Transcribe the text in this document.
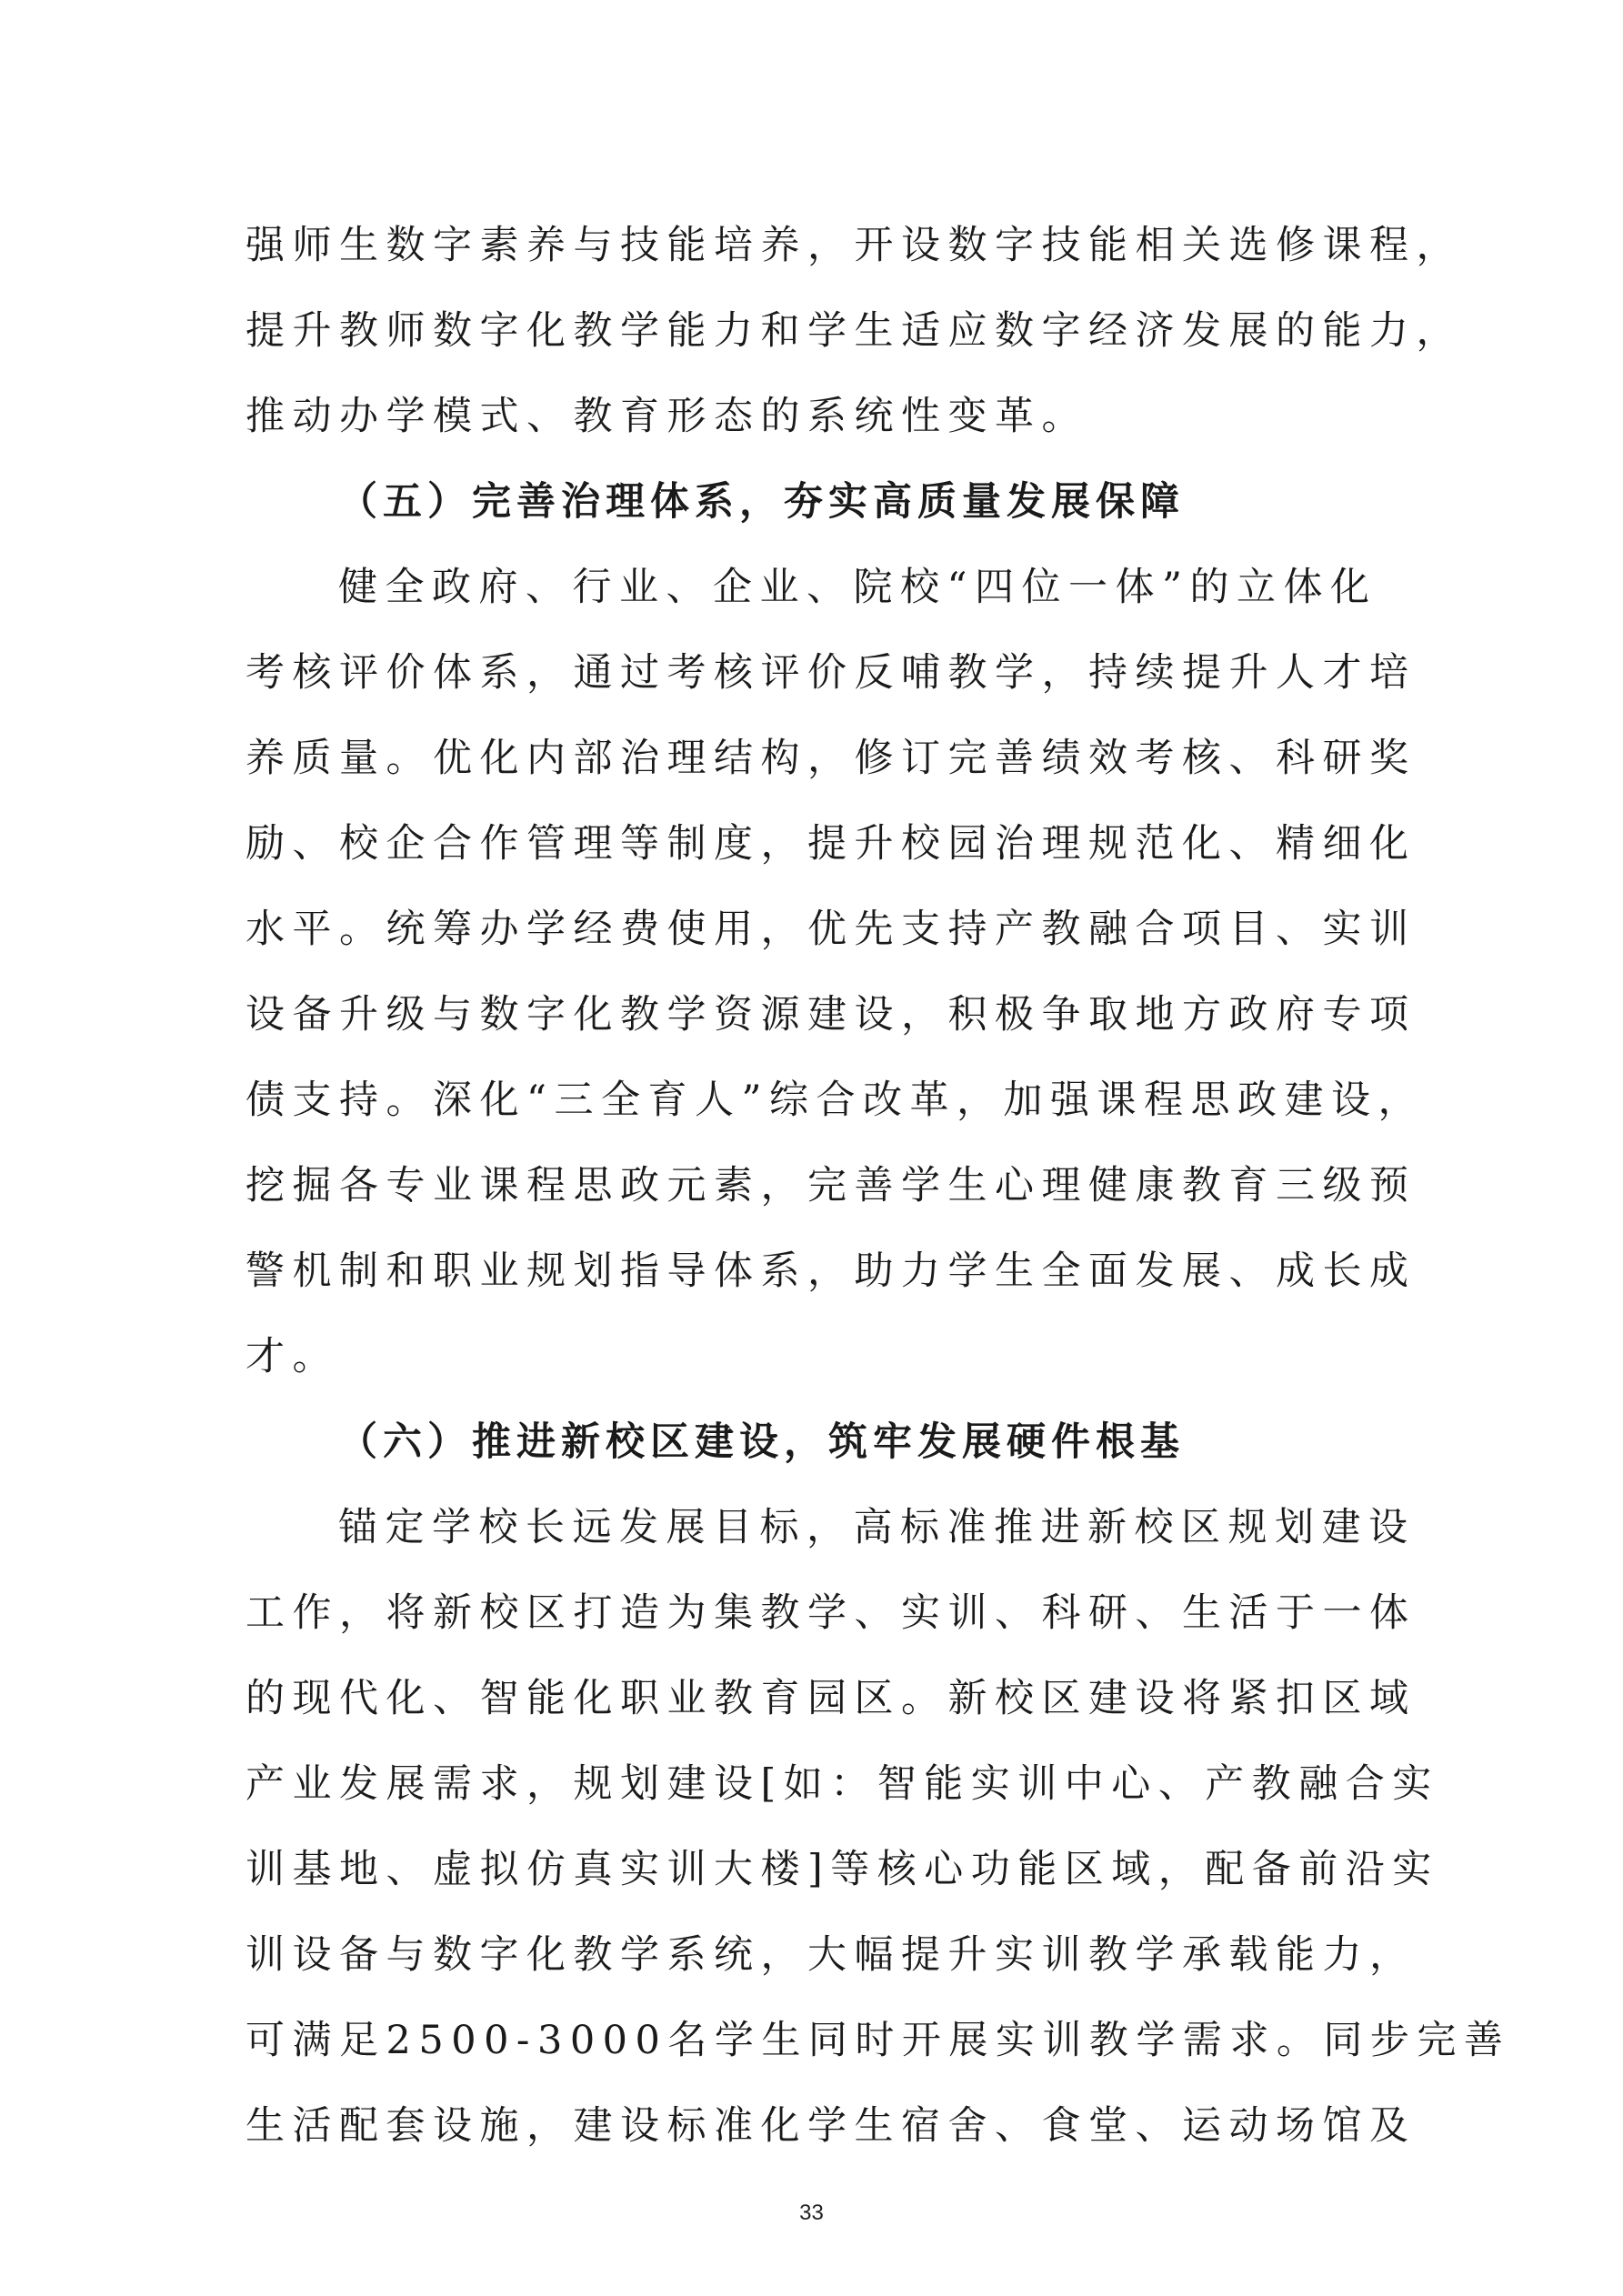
强师生数字素养与技能培养，开设数字技能相关选修课程，

提升教师数字化教学能力和学生适应数字经济发展的能力，

推动办学模式、教育形态的系统性变革。

（五）完善治理体系，夯实高质量发展保障

健全政府、行业、企业、院校“四位一体”的立体化

考核评价体系，通过考核评价反哺教学，持续提升人才培

养质量。优化内部治理结构，修订完善绩效考核、科研奖

励、校企合作管理等制度，提升校园治理规范化、精细化

水平。统筹办学经费使用，优先支持产教融合项目、实训

设备升级与数字化教学资源建设，积极争取地方政府专项

债支持。深化“三全育人”综合改革，加强课程思政建设，

挖掘各专业课程思政元素，完善学生心理健康教育三级预

警机制和职业规划指导体系，助力学生全面发展、成长成

才。

（六）推进新校区建设，筑牢发展硬件根基

锚定学校长远发展目标，高标准推进新校区规划建设

工作，将新校区打造为集教学、实训、科研、生活于一体

的现代化、智能化职业教育园区。新校区建设将紧扣区域

产业发展需求，规划建设[如：智能实训中心、产教融合实

训基地、虚拟仿真实训大楼]等核心功能区域，配备前沿实

训设备与数字化教学系统，大幅提升实训教学承载能力，

可满足2500-3000名学生同时开展实训教学需求。同步完善

生活配套设施，建设标准化学生宿舍、食堂、运动场馆及

33
